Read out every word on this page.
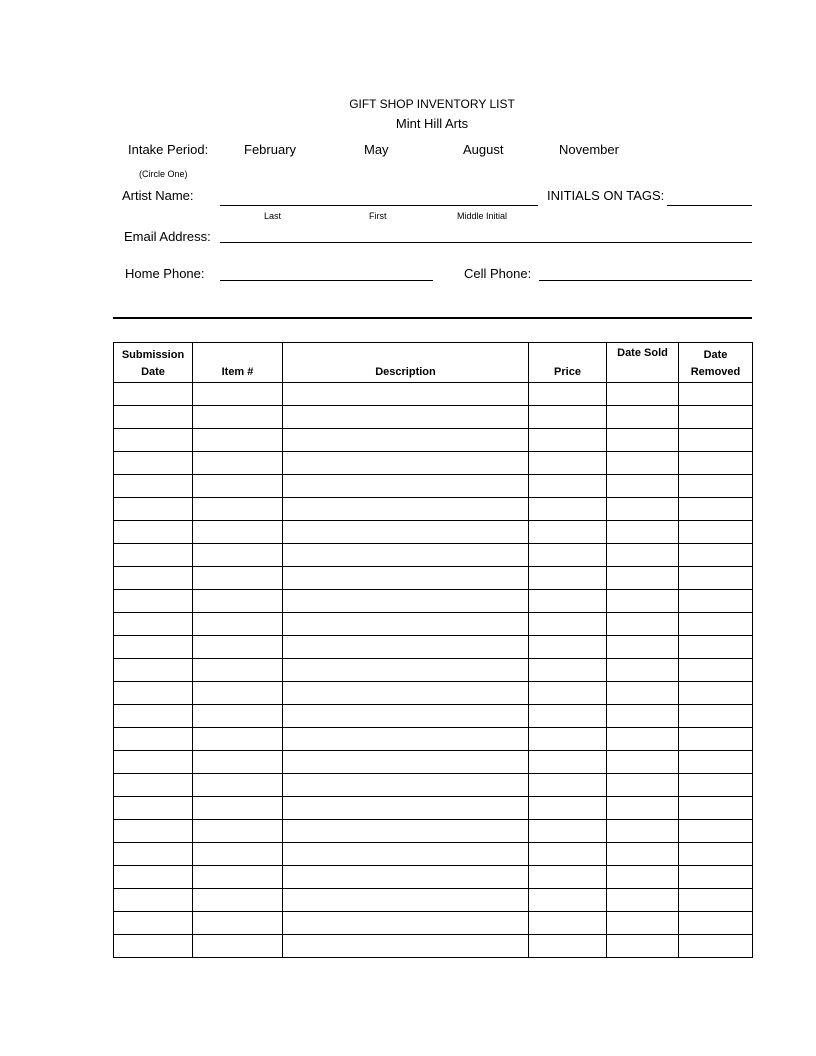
GIFT SHOP INVENTORY LIST
Mint Hill Arts
Intake Period:	February	May	August	November
(Circle One)
Artist Name:
Last	First	Middle Initial
INITIALS ON TAGS:
Email Address:
Home Phone:	Cell Phone:
Submission
Date	Item #	Description	Price	Date Sold	Date
Removed
